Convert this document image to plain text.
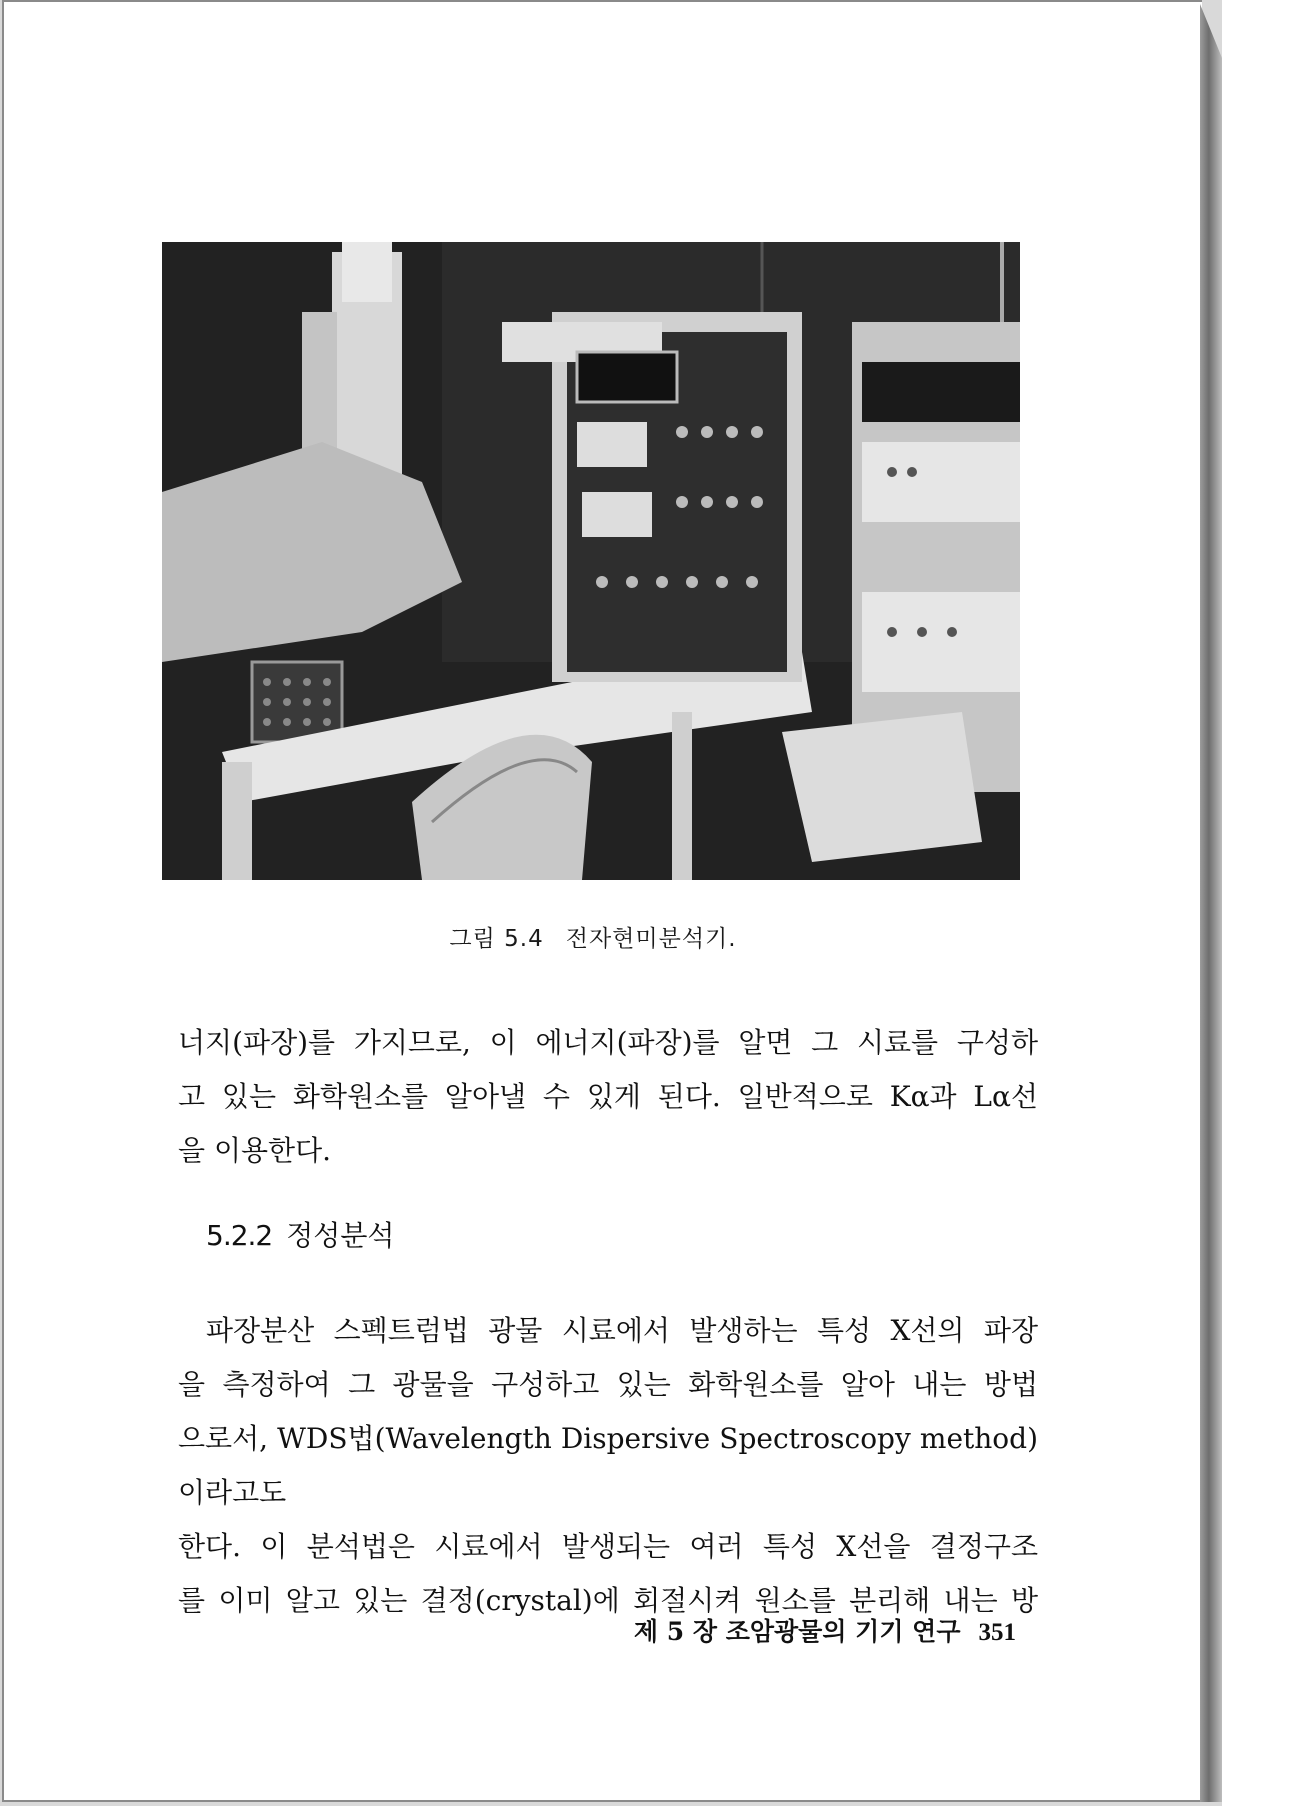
그림 5.4 전자현미분석기.

너지(파장)를 가지므로, 이 에너지(파장)를 알면 그 시료를 구성하
고 있는 화학원소를 알아낼 수 있게 된다. 일반적으로 Kα과 Lα선
을 이용한다.

5.2.2 정성분석

파장분산 스펙트럼법 광물 시료에서 발생하는 특성 X선의 파장
을 측정하여 그 광물을 구성하고 있는 화학원소를 알아 내는 방법
으로서, WDS법(Wavelength Dispersive Spectroscopy method)이라고도
한다. 이 분석법은 시료에서 발생되는 여러 특성 X선을 결정구조
를 이미 알고 있는 결정(crystal)에 회절시켜 원소를 분리해 내는 방

제 5 장 조암광물의 기기 연구 351
